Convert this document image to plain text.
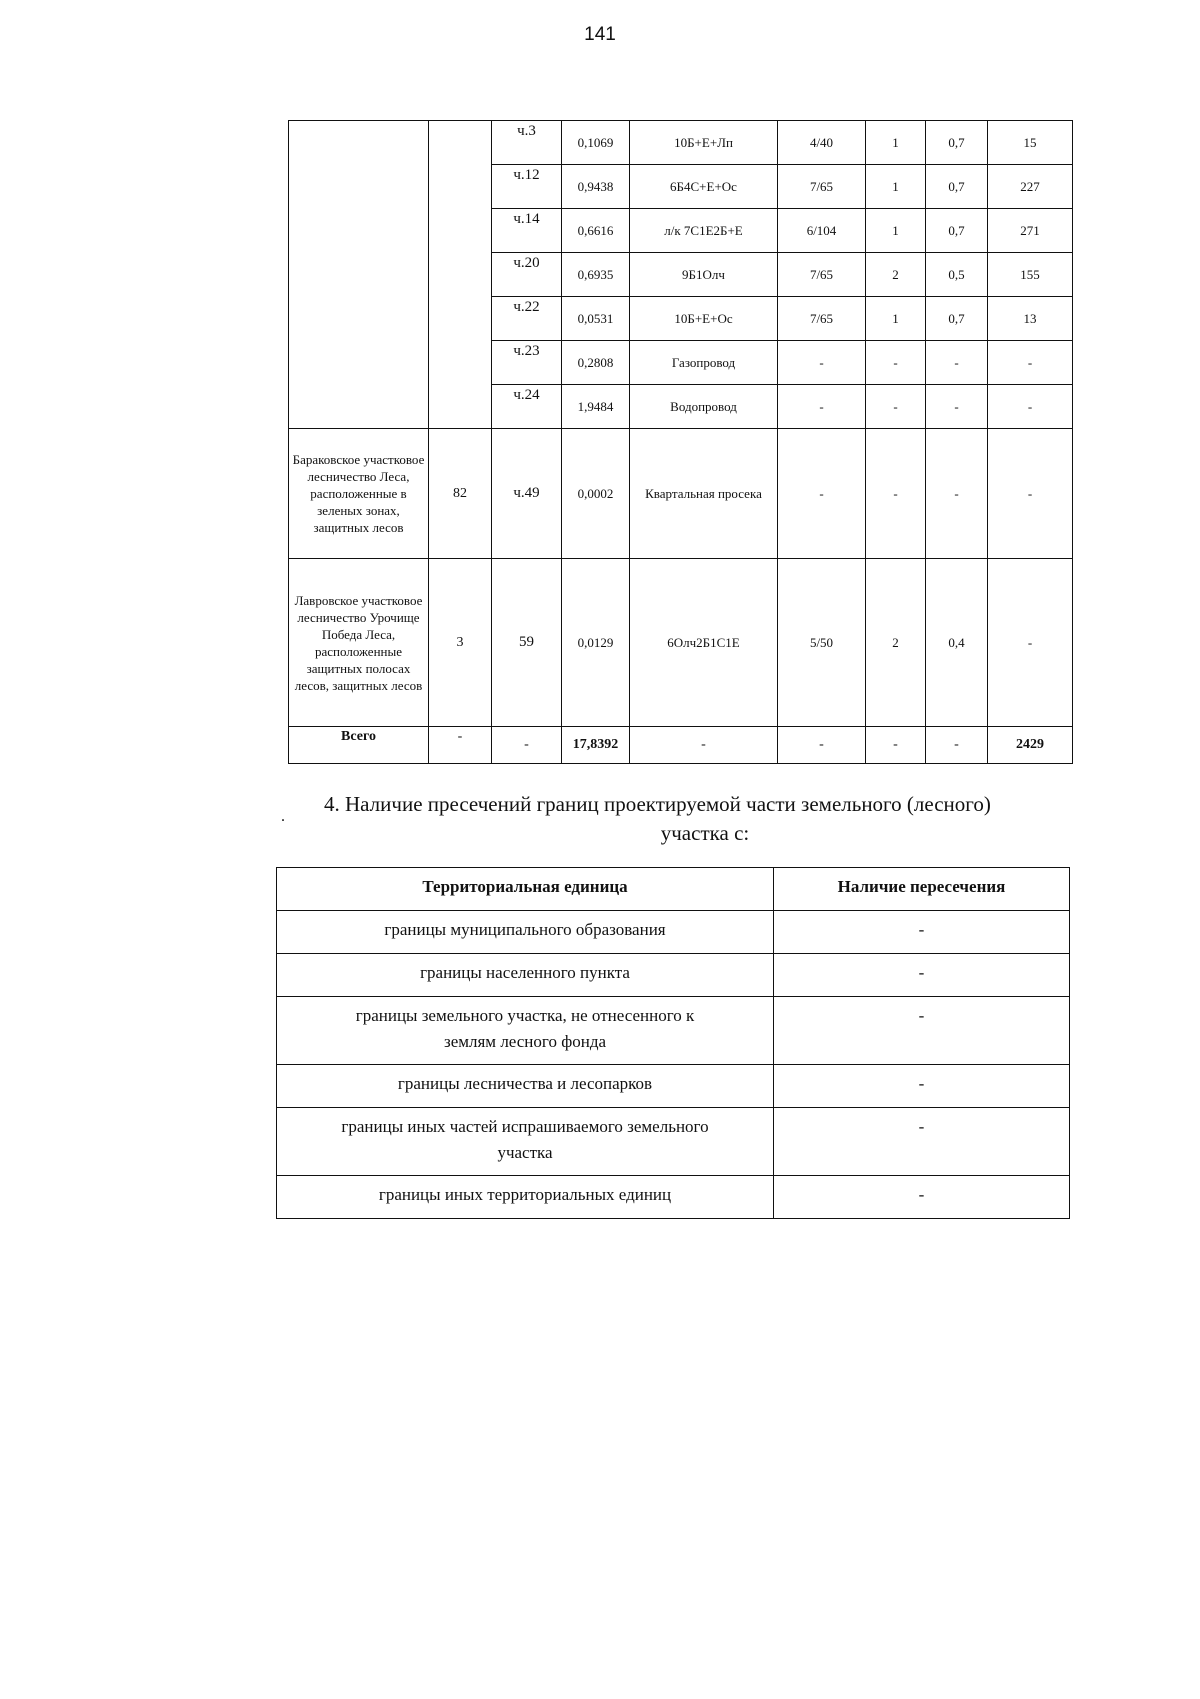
141
		ч.3	0,1069	10Б+Е+Лп	4/40	1	0,7	15
		ч.12	0,9438	6Б4С+Е+Ос	7/65	1	0,7	227
		ч.14	0,6616	л/к 7С1Е2Б+Е	6/104	1	0,7	271
		ч.20	0,6935	9Б1Олч	7/65	2	0,5	155
		ч.22	0,0531	10Б+Е+Ос	7/65	1	0,7	13
		ч.23	0,2808	Газопровод	-	-	-	-
		ч.24	1,9484	Водопровод	-	-	-	-
Бараковское участковое лесничество Леса, расположенные в зеленых зонах, защитных лесов	82	ч.49	0,0002	Квартальная просека	-	-	-	-
Лавровское участковое лесничество Урочище Победа Леса, расположенные защитных полосах лесов, защитных лесов	3	59	0,0129	6Олч2Б1С1Е	5/50	2	0,4	-
Всего	-	-	17,8392	-	-	-	-	2429
.
4. Наличие пресечений границ проектируемой части земельного (лесного)
участка с:
Территориальная единица	Наличие пересечения
границы муниципального образования	-
границы населенного пункта	-
границы земельного участка, не отнесенного к землям лесного фонда	-
границы лесничества и лесопарков	-
границы иных частей испрашиваемого земельного участка	-
границы иных территориальных единиц	-
